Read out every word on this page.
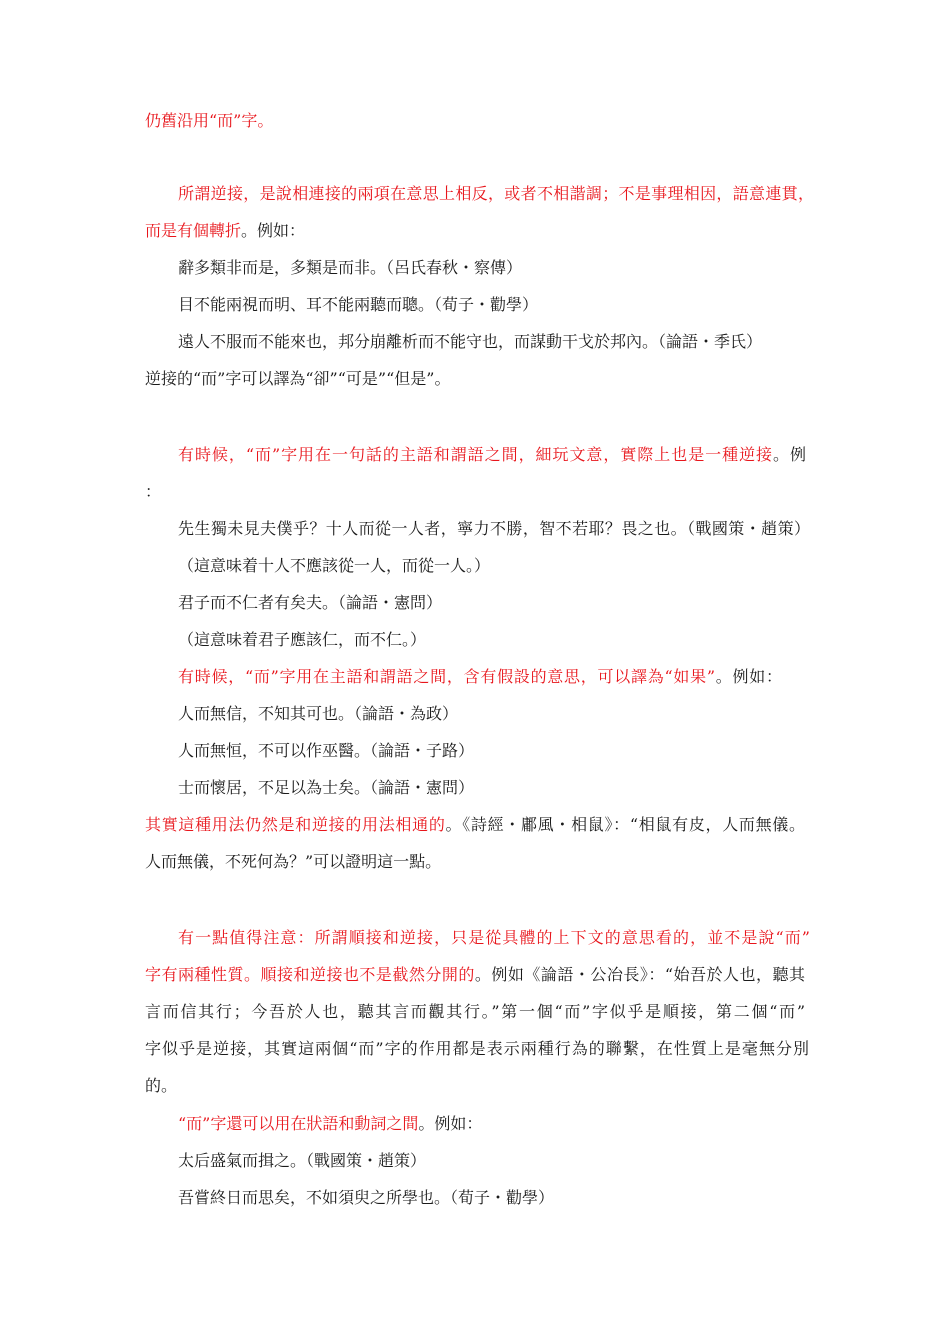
仍舊沿用“而”字。
所謂逆接，是說相連接的兩項在意思上相反，或者不相諧調；不是事理相因，語意連貫，
而是有個轉折。例如：
辭多類非而是，多類是而非。（呂氏春秋・察傳）
目不能兩視而明、耳不能兩聽而聰。（荀子・勸學）
遠人不服而不能來也，邦分崩離析而不能守也，而謀動干戈於邦內。（論語・季氏）
逆接的“而”字可以譯為“卻”“可是”“但是”。
有時候，“而”字用在一句話的主語和謂語之間，細玩文意，實際上也是一種逆接。例
：
先生獨未見夫僕乎？十人而從一人者，寧力不勝，智不若耶？畏之也。（戰國策・趙策）
（這意味着十人不應該從一人，而從一人。）
君子而不仁者有矣夫。（論語・憲問）
（這意味着君子應該仁，而不仁。）
有時候，“而”字用在主語和謂語之間，含有假設的意思，可以譯為“如果”。例如：
人而無信，不知其可也。（論語・為政）
人而無恒，不可以作巫醫。（論語・子路）
士而懷居，不足以為士矣。（論語・憲問）
其實這種用法仍然是和逆接的用法相通的。《詩經・鄘風・相鼠》：“相鼠有皮，人而無儀。
人而無儀，不死何為？”可以證明這一點。
有一點值得注意：所謂順接和逆接，只是從具體的上下文的意思看的，並不是說“而”
字有兩種性質。順接和逆接也不是截然分開的。例如《論語・公冶長》：“始吾於人也，聽其
言而信其行；今吾於人也，聽其言而觀其行。”第一個“而”字似乎是順接，第二個“而”
字似乎是逆接，其實這兩個“而”字的作用都是表示兩種行為的聯繫，在性質上是毫無分別
的。
“而”字還可以用在狀語和動詞之間。例如：
太后盛氣而揖之。（戰國策・趙策）
吾嘗終日而思矣，不如須臾之所學也。（荀子・勸學）
